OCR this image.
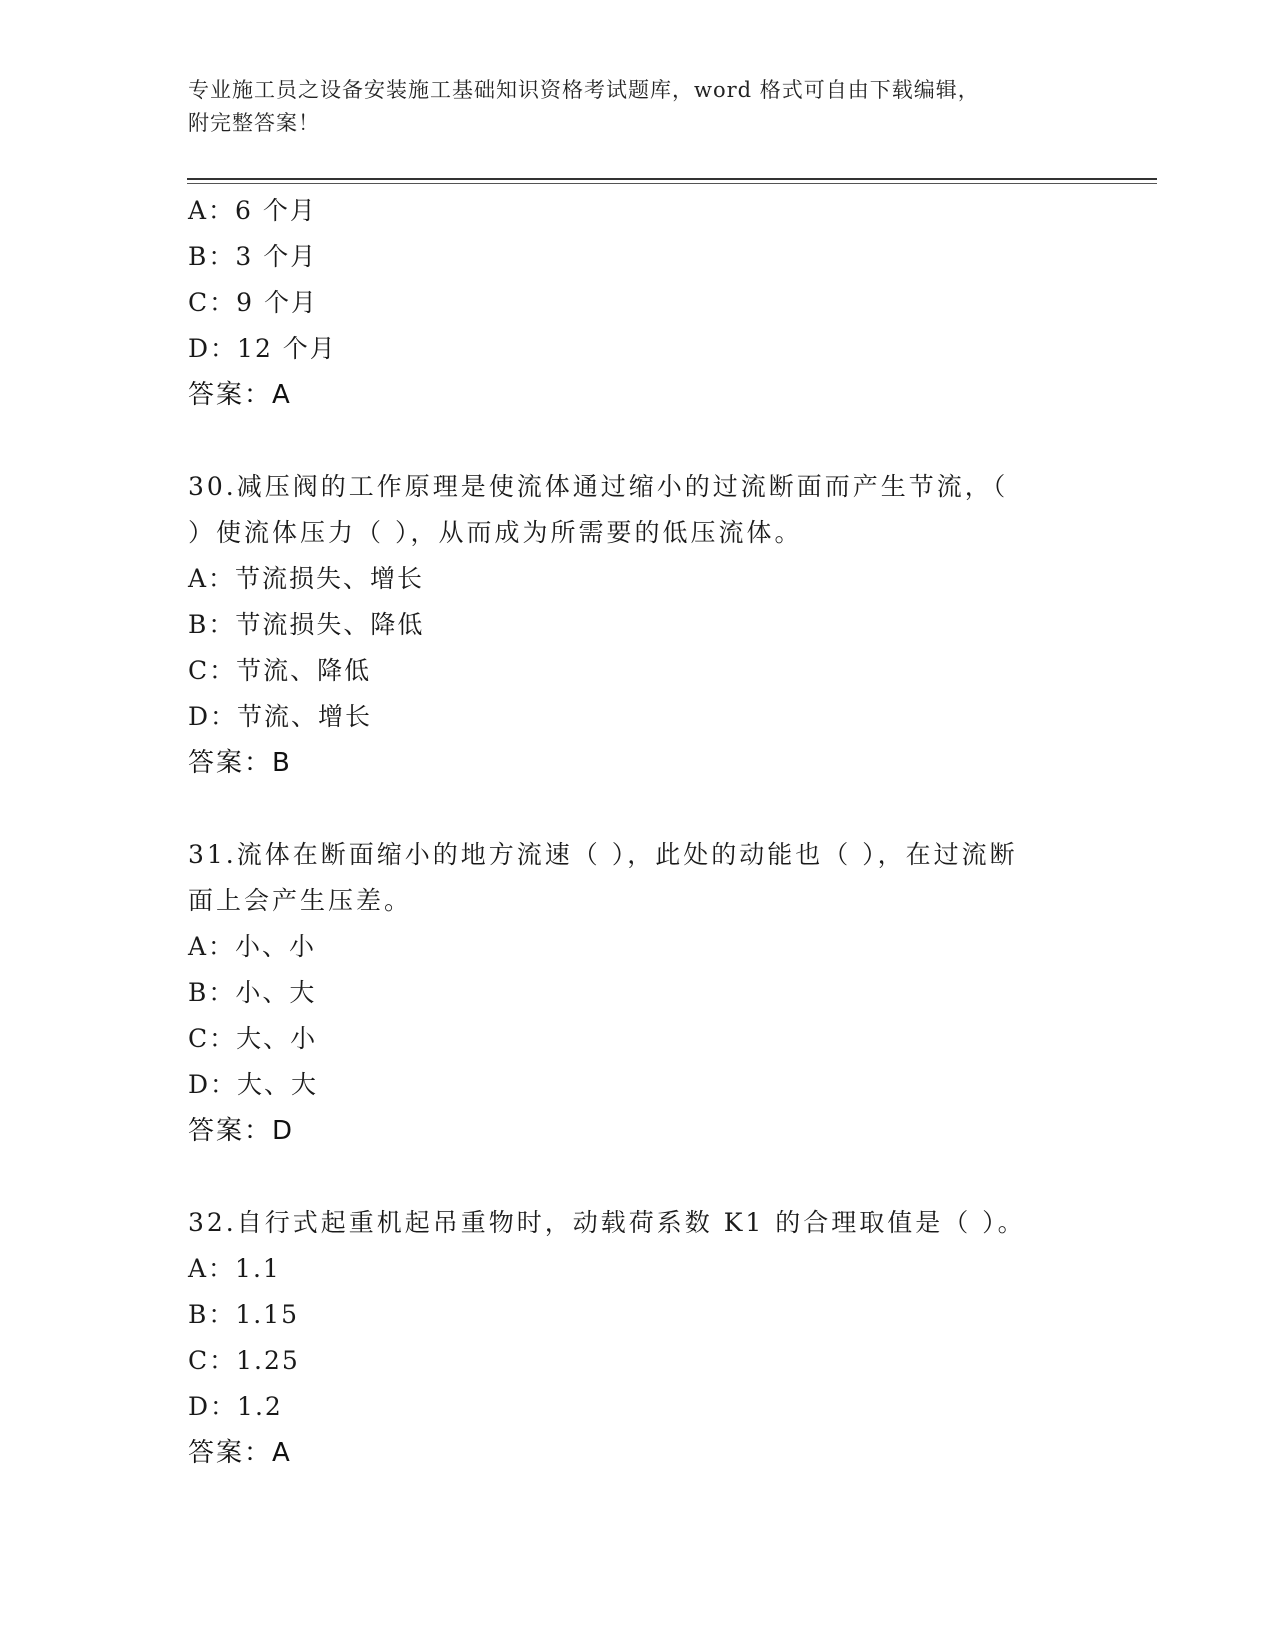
专业施工员之设备安装施工基础知识资格考试题库，word 格式可自由下载编辑，
附完整答案！
A：6 个月
B：3 个月
C：9 个月
D：12 个月
答案：A
30.减压阀的工作原理是使流体通过缩小的过流断面而产生节流，（
）使流体压力（ ），从而成为所需要的低压流体。
A：节流损失、增长
B：节流损失、降低
C：节流、降低
D：节流、增长
答案：B
31.流体在断面缩小的地方流速（ ），此处的动能也（ ），在过流断
面上会产生压差。
A：小、小
B：小、大
C：大、小
D：大、大
答案：D
32.自行式起重机起吊重物时，动载荷系数 K1 的合理取值是（ ）。
A：1.1
B：1.15
C：1.25
D：1.2
答案：A
